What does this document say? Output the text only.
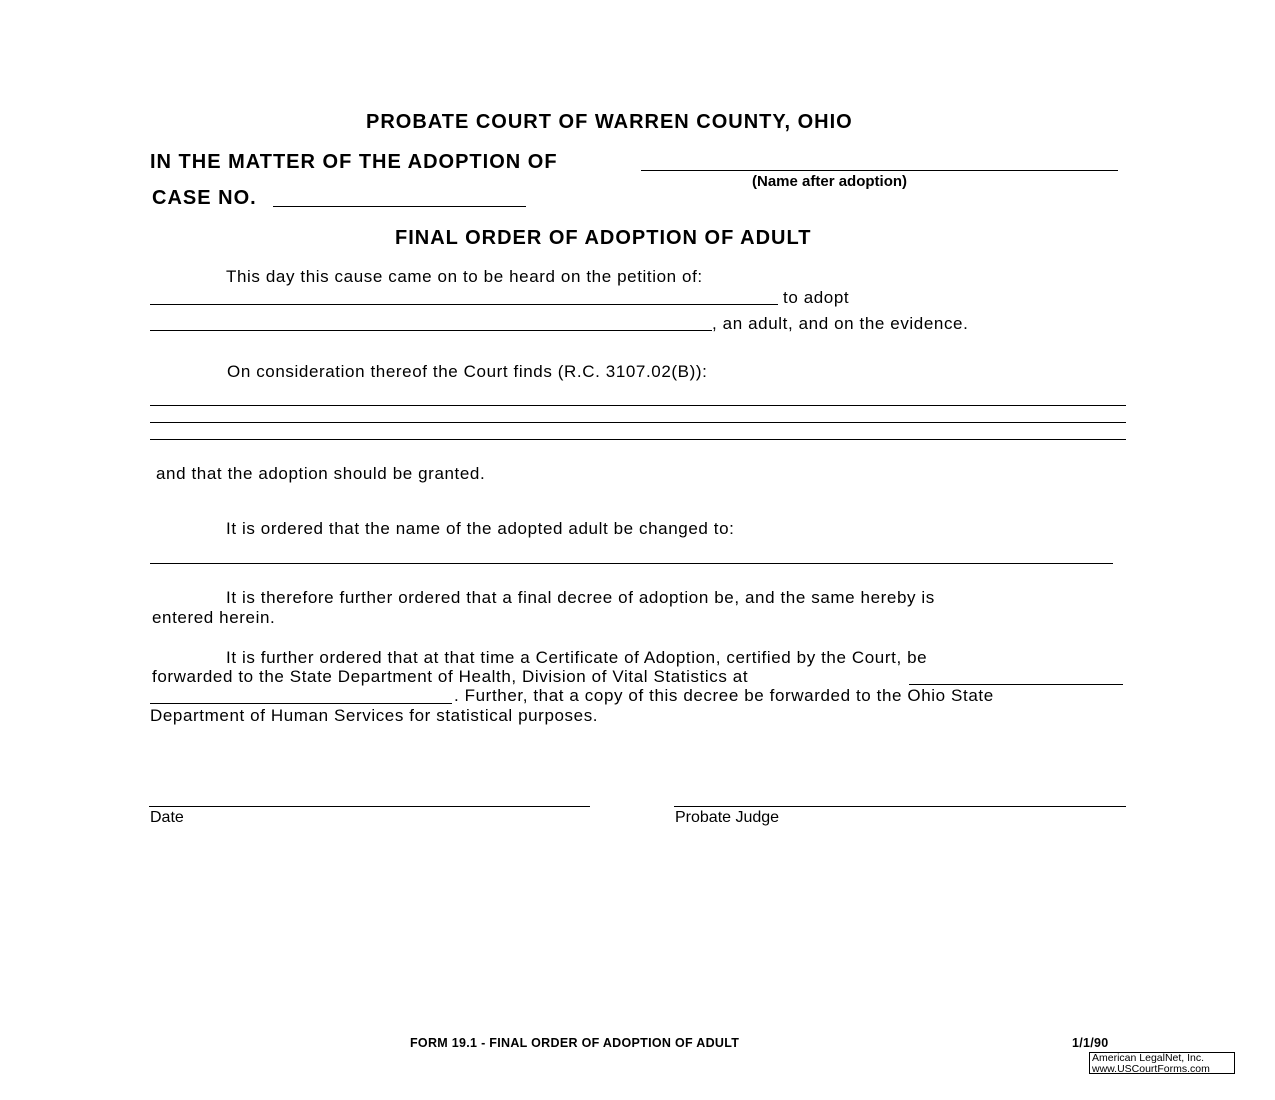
PROBATE COURT OF WARREN COUNTY, OHIO
IN THE MATTER OF THE ADOPTION OF
(Name after adoption)
CASE NO.
FINAL ORDER OF ADOPTION OF ADULT
This day this cause came on to be heard on the petition of:
to adopt
, an adult, and on the evidence.
On consideration thereof the Court finds (R.C. 3107.02(B)):
and that the adoption should be granted.
It is ordered that the name of the adopted adult be changed to:
It is therefore further ordered that a final decree of adoption be, and the same hereby is
entered herein.
It is further ordered that at that time a Certificate of Adoption, certified by the Court, be
forwarded to the State Department of Health, Division of Vital Statistics at
. Further, that a copy of this decree be forwarded to the Ohio State
Department of Human Services for statistical purposes.
Date	Probate Judge
FORM 19.1 - FINAL ORDER OF ADOPTION OF ADULT	1/1/90
American LegalNet, Inc.
www.USCourtForms.com
